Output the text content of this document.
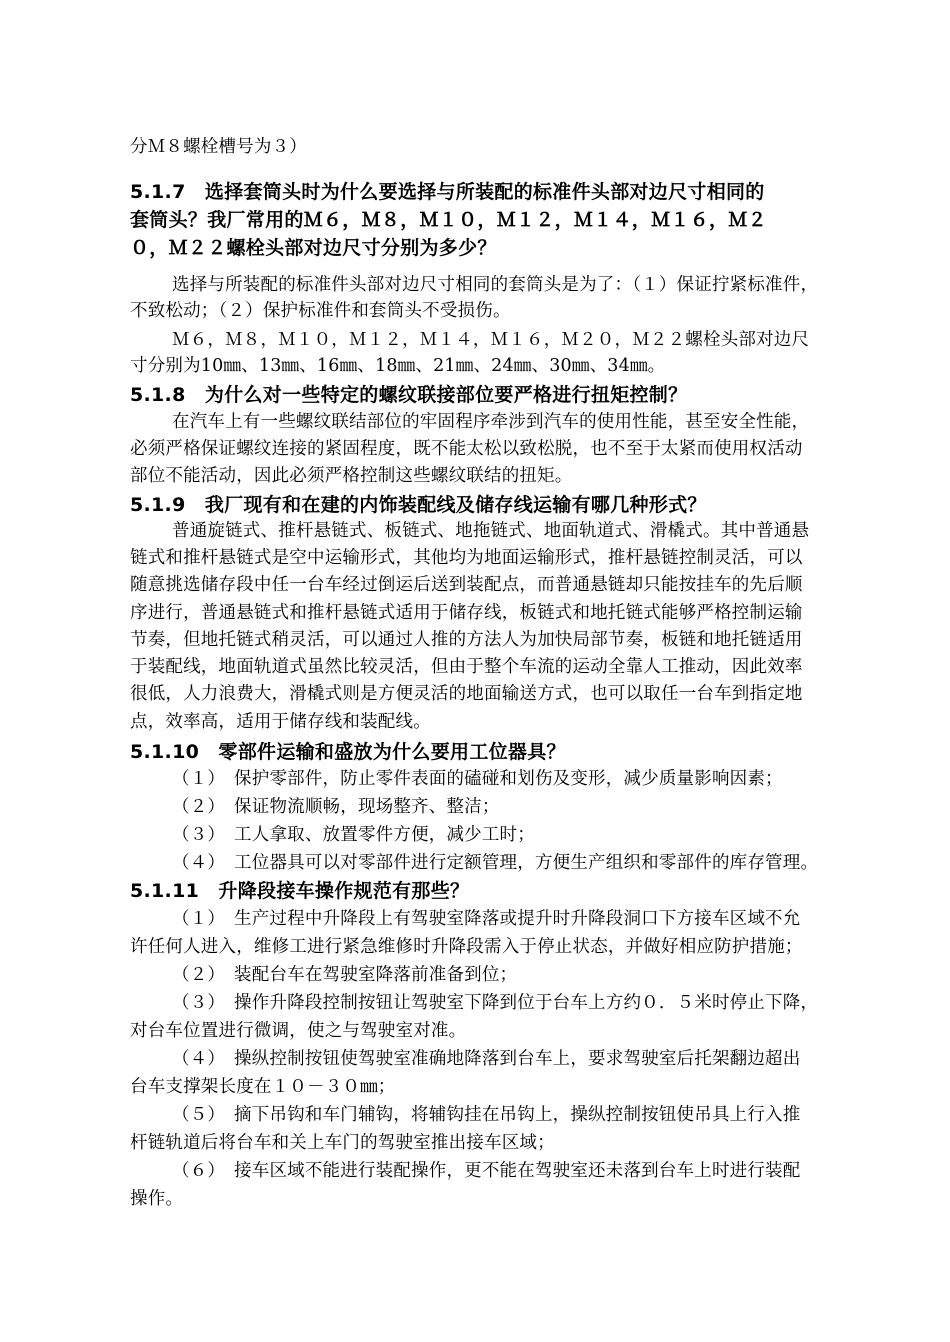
分Ｍ８螺栓槽号为３）
5.1.7　选择套筒头时为什么要选择与所装配的标准件头部对边尺寸相同的
套筒头？我厂常用的Ｍ６，Ｍ８，Ｍ１０，Ｍ１２，Ｍ１４，Ｍ１６，Ｍ２
０，Ｍ２２螺栓头部对边尺寸分别为多少？
选择与所装配的标准件头部对边尺寸相同的套筒头是为了：（１）保证拧紧标准件，
不致松动；（２）保护标准件和套筒头不受损伤。
Ｍ６，Ｍ８，Ｍ１０，Ｍ１２，Ｍ１４，Ｍ１６，Ｍ２０，Ｍ２２螺栓头部对边尺
寸分别为10㎜、13㎜、16㎜、18㎜、21㎜、24㎜、30㎜、34㎜。
5.1.8　为什么对一些特定的螺纹联接部位要严格进行扭矩控制？
在汽车上有一些螺纹联结部位的牢固程序牵涉到汽车的使用性能，甚至安全性能，
必须严格保证螺纹连接的紧固程度，既不能太松以致松脱，也不至于太紧而使用权活动
部位不能活动，因此必须严格控制这些螺纹联结的扭矩。
5.1.9　我厂现有和在建的内饰装配线及储存线运输有哪几种形式？
普通旋链式、推杆悬链式、板链式、地拖链式、地面轨道式、滑橇式。其中普通悬
链式和推杆悬链式是空中运输形式，其他均为地面运输形式，推杆悬链控制灵活，可以
随意挑选储存段中任一台车经过倒运后送到装配点，而普通悬链却只能按挂车的先后顺
序进行，普通悬链式和推杆悬链式适用于储存线，板链式和地托链式能够严格控制运输
节奏，但地托链式稍灵活，可以通过人推的方法人为加快局部节奏，板链和地托链适用
于装配线，地面轨道式虽然比较灵活，但由于整个车流的运动全靠人工推动，因此效率
很低，人力浪费大，滑橇式则是方便灵活的地面输送方式，也可以取任一台车到指定地
点，效率高，适用于储存线和装配线。
5.1.10　零部件运输和盛放为什么要用工位器具？
（１）　保护零部件，防止零件表面的磕碰和划伤及变形，减少质量影响因素；
（２）　保证物流顺畅，现场整齐、整洁；
（３）　工人拿取、放置零件方便，减少工时；
（４）　工位器具可以对零部件进行定额管理，方便生产组织和零部件的库存管理。
5.1.11　升降段接车操作规范有那些？
（１）　生产过程中升降段上有驾驶室降落或提升时升降段洞口下方接车区域不允
许任何人进入，维修工进行紧急维修时升降段需入于停止状态，并做好相应防护措施；
（２）　装配台车在驾驶室降落前准备到位；
（３）　操作升降段控制按钮让驾驶室下降到位于台车上方约０．５米时停止下降，
对台车位置进行微调，使之与驾驶室对准。
（４）　操纵控制按钮使驾驶室准确地降落到台车上，要求驾驶室后托架翻边超出
台车支撑架长度在１０－３０㎜；
（５）　摘下吊钩和车门辅钩，将辅钩挂在吊钩上，操纵控制按钮使吊具上行入推
杆链轨道后将台车和关上车门的驾驶室推出接车区域；
（６）　接车区域不能进行装配操作，更不能在驾驶室还未落到台车上时进行装配
操作。
